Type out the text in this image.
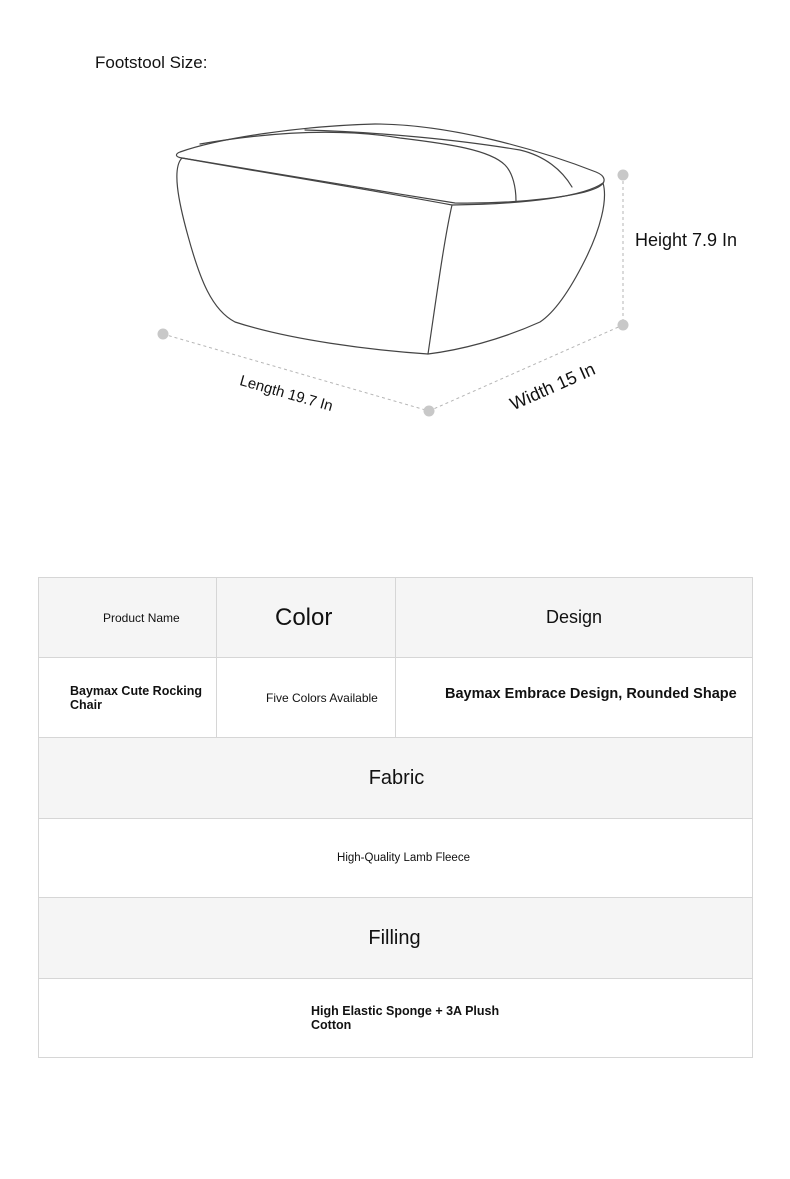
Footstool Size:
Height 7.9 In
Length 19.7 In	Width 15 In
Product Name	Color	Design

Baymax Cute Rocking Chair	Five Colors Available	Baymax Embrace Design, Rounded Shape
Fabric		
High-Quality Lamb Fleece		
Filling		

High Elastic Sponge + 3A Plush Cotton		
